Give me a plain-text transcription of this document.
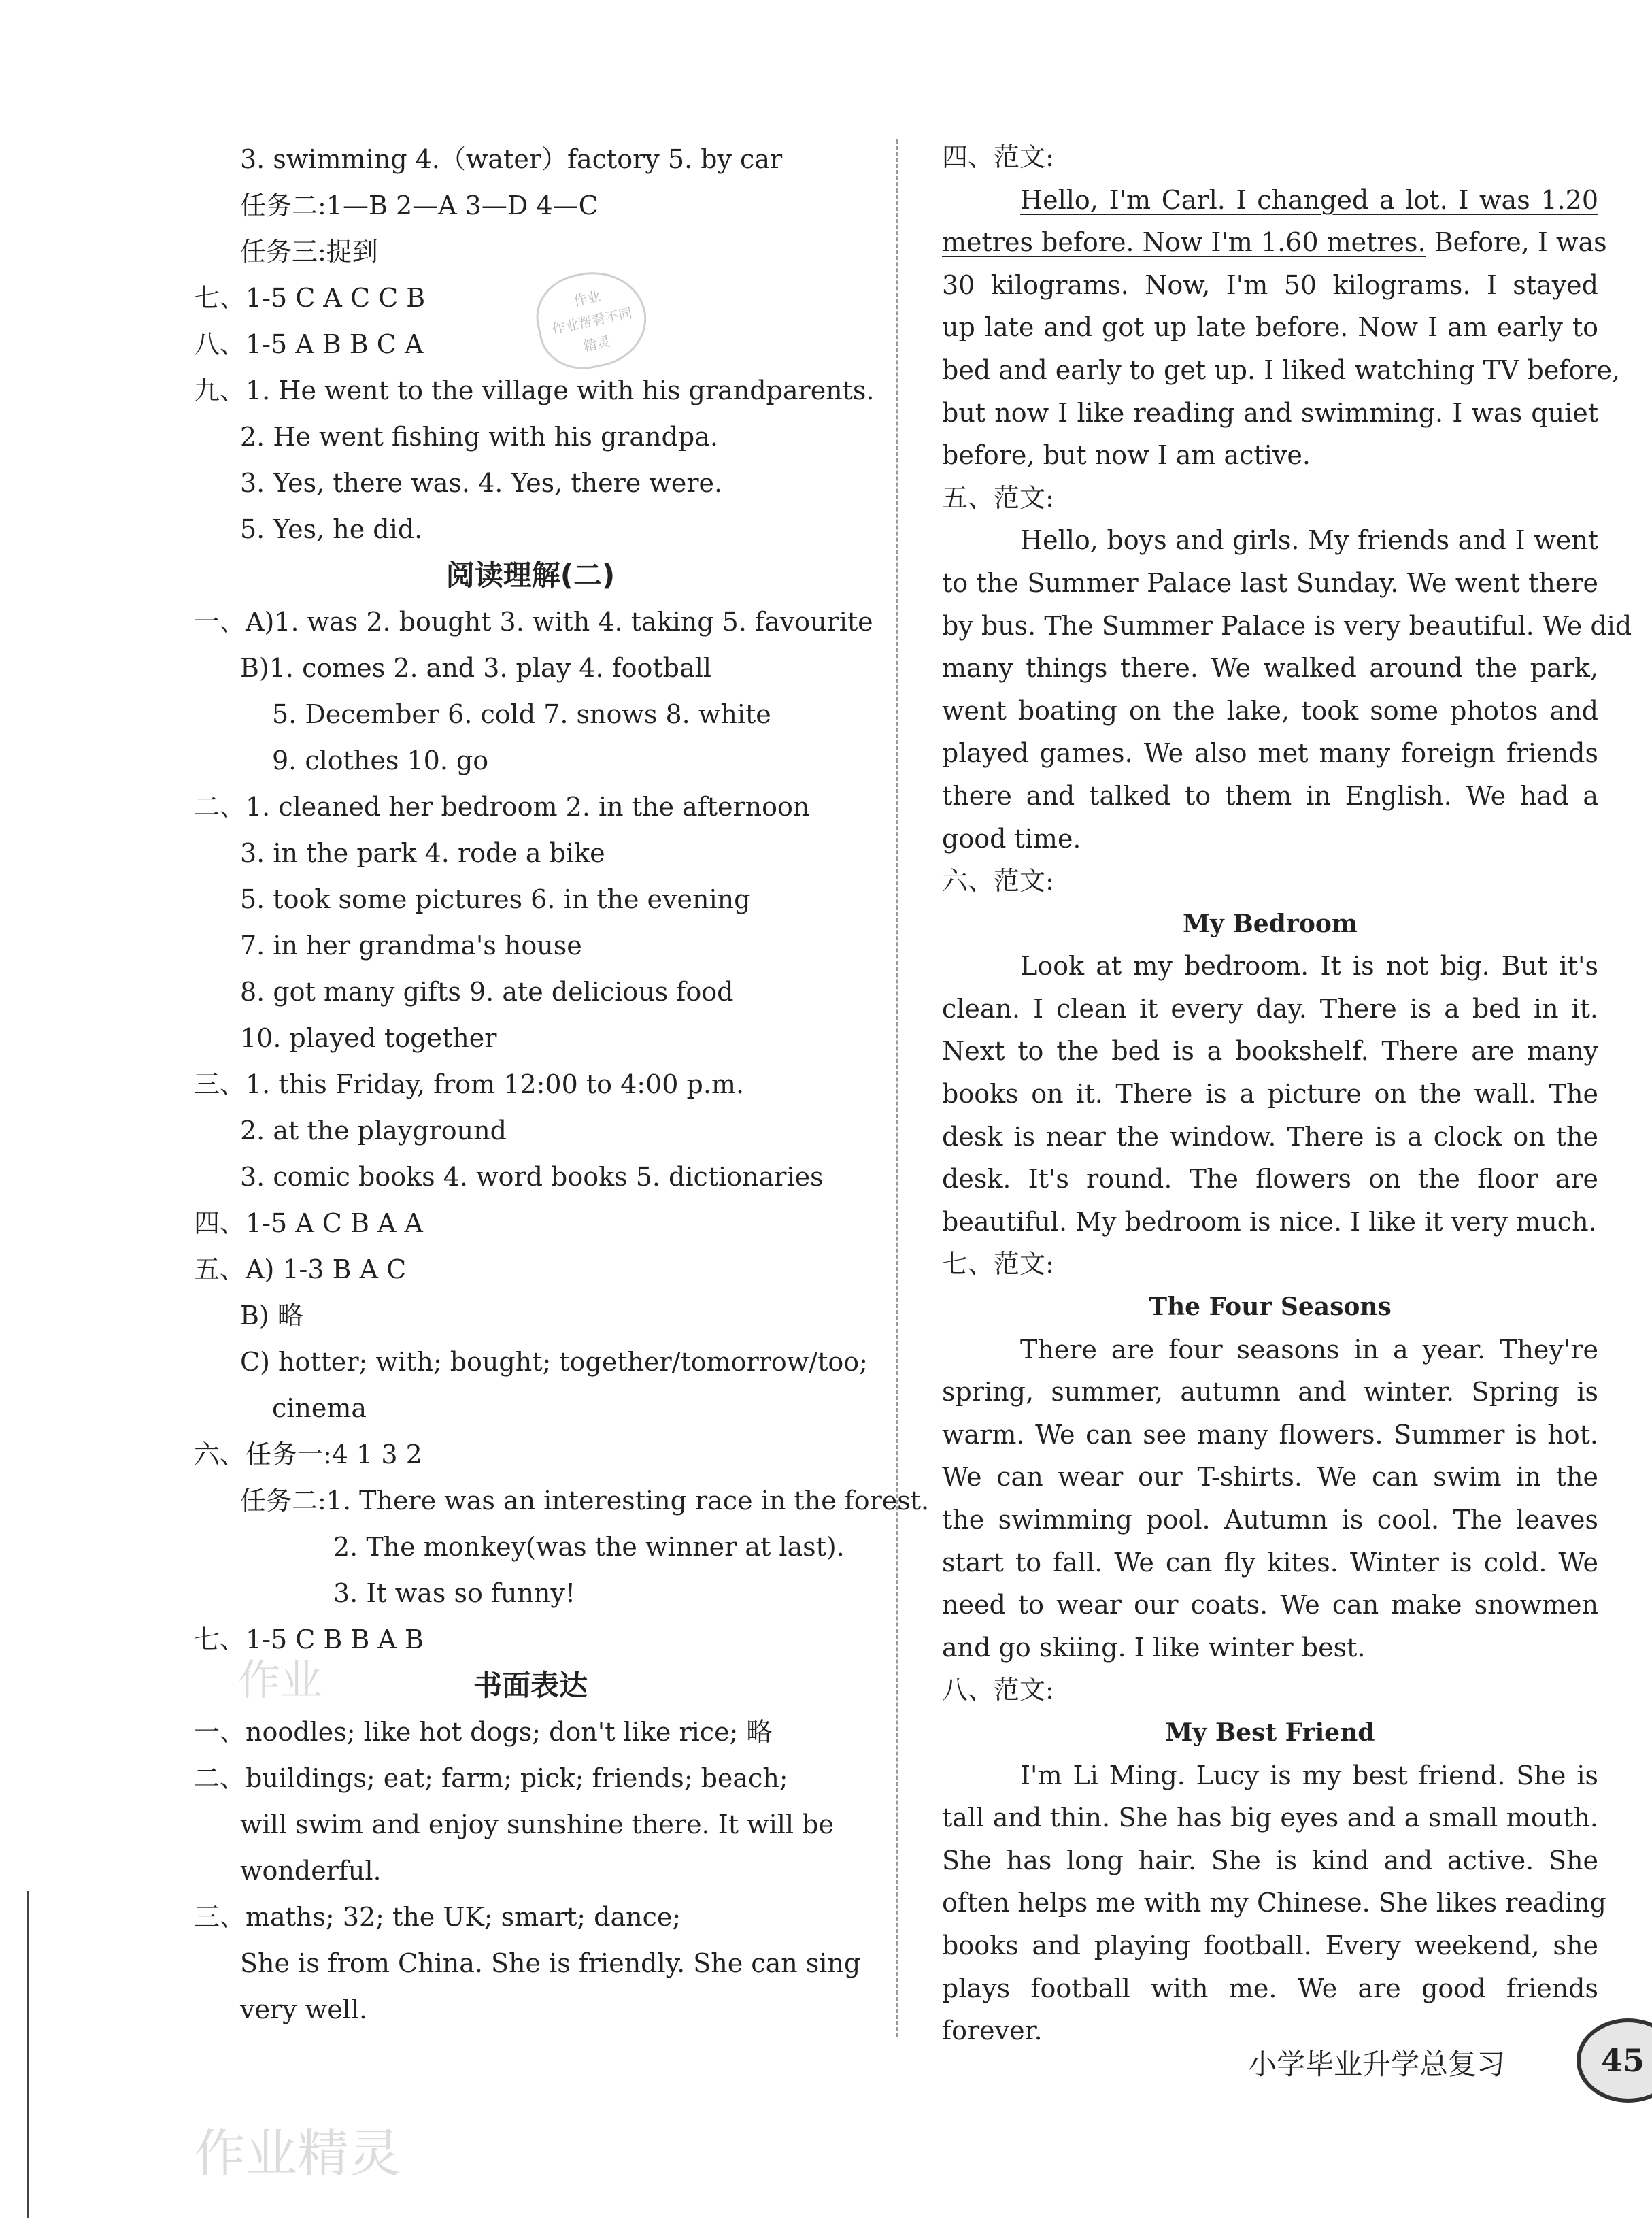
作业
作业精灵
作业
作业帮看不同
精灵
3. swimming 4.（water）factory 5. by car
任务二:1—B 2—A 3—D 4—C
任务三:捉到
七、1-5 C A C C B
八、1-5 A B B C A
九、1. He went to the village with his grandparents.
2. He went fishing with his grandpa.
3. Yes, there was. 4. Yes, there were.
5. Yes, he did.
阅读理解(二)
一、A)1. was 2. bought 3. with 4. taking 5. favourite
B)1. comes 2. and 3. play 4. football
5. December 6. cold 7. snows 8. white
9. clothes 10. go
二、1. cleaned her bedroom 2. in the afternoon
3. in the park 4. rode a bike
5. took some pictures 6. in the evening
7. in her grandma's house
8. got many gifts 9. ate delicious food
10. played together
三、1. this Friday, from 12:00 to 4:00 p.m.
2. at the playground
3. comic books 4. word books 5. dictionaries
四、1-5 A C B A A
五、A) 1-3 B A C
B) 略
C) hotter; with; bought; together/tomorrow/too;
cinema
六、任务一:4 1 3 2
任务二:1. There was an interesting race in the forest.
2. The monkey(was the winner at last).
3. It was so funny!
七、1-5 C B B A B
书面表达
一、noodles; like hot dogs; don't like rice; 略
二、buildings; eat; farm; pick; friends; beach;
will swim and enjoy sunshine there. It will be
wonderful.
三、maths; 32; the UK; smart; dance;
She is from China. She is friendly. She can sing
very well.
四、范文:
Hello, I'm Carl. I changed a lot. I was 1.20
metres before. Now I'm 1.60 metres. Before, I was
30 kilograms. Now, I'm 50 kilograms. I stayed
up late and got up late before. Now I am early to
bed and early to get up. I liked watching TV before,
but now I like reading and swimming. I was quiet
before, but now I am active.
五、范文:
Hello, boys and girls. My friends and I went
to the Summer Palace last Sunday. We went there
by bus. The Summer Palace is very beautiful. We did
many things there. We walked around the park,
went boating on the lake, took some photos and
played games. We also met many foreign friends
there and talked to them in English. We had a
good time.
六、范文:
My Bedroom
Look at my bedroom. It is not big. But it's
clean. I clean it every day. There is a bed in it.
Next to the bed is a bookshelf. There are many
books on it. There is a picture on the wall. The
desk is near the window. There is a clock on the
desk. It's round. The flowers on the floor are
beautiful. My bedroom is nice. I like it very much.
七、范文:
The Four Seasons
There are four seasons in a year. They're
spring, summer, autumn and winter. Spring is
warm. We can see many flowers. Summer is hot.
We can wear our T-shirts. We can swim in the
the swimming pool. Autumn is cool. The leaves
start to fall. We can fly kites. Winter is cold. We
need to wear our coats. We can make snowmen
and go skiing. I like winter best.
八、范文:
My Best Friend
I'm Li Ming. Lucy is my best friend. She is
tall and thin. She has big eyes and a small mouth.
She has long hair. She is kind and active. She
often helps me with my Chinese. She likes reading
books and playing football. Every weekend, she
plays football with me. We are good friends
forever.
小学毕业升学总复习	45
